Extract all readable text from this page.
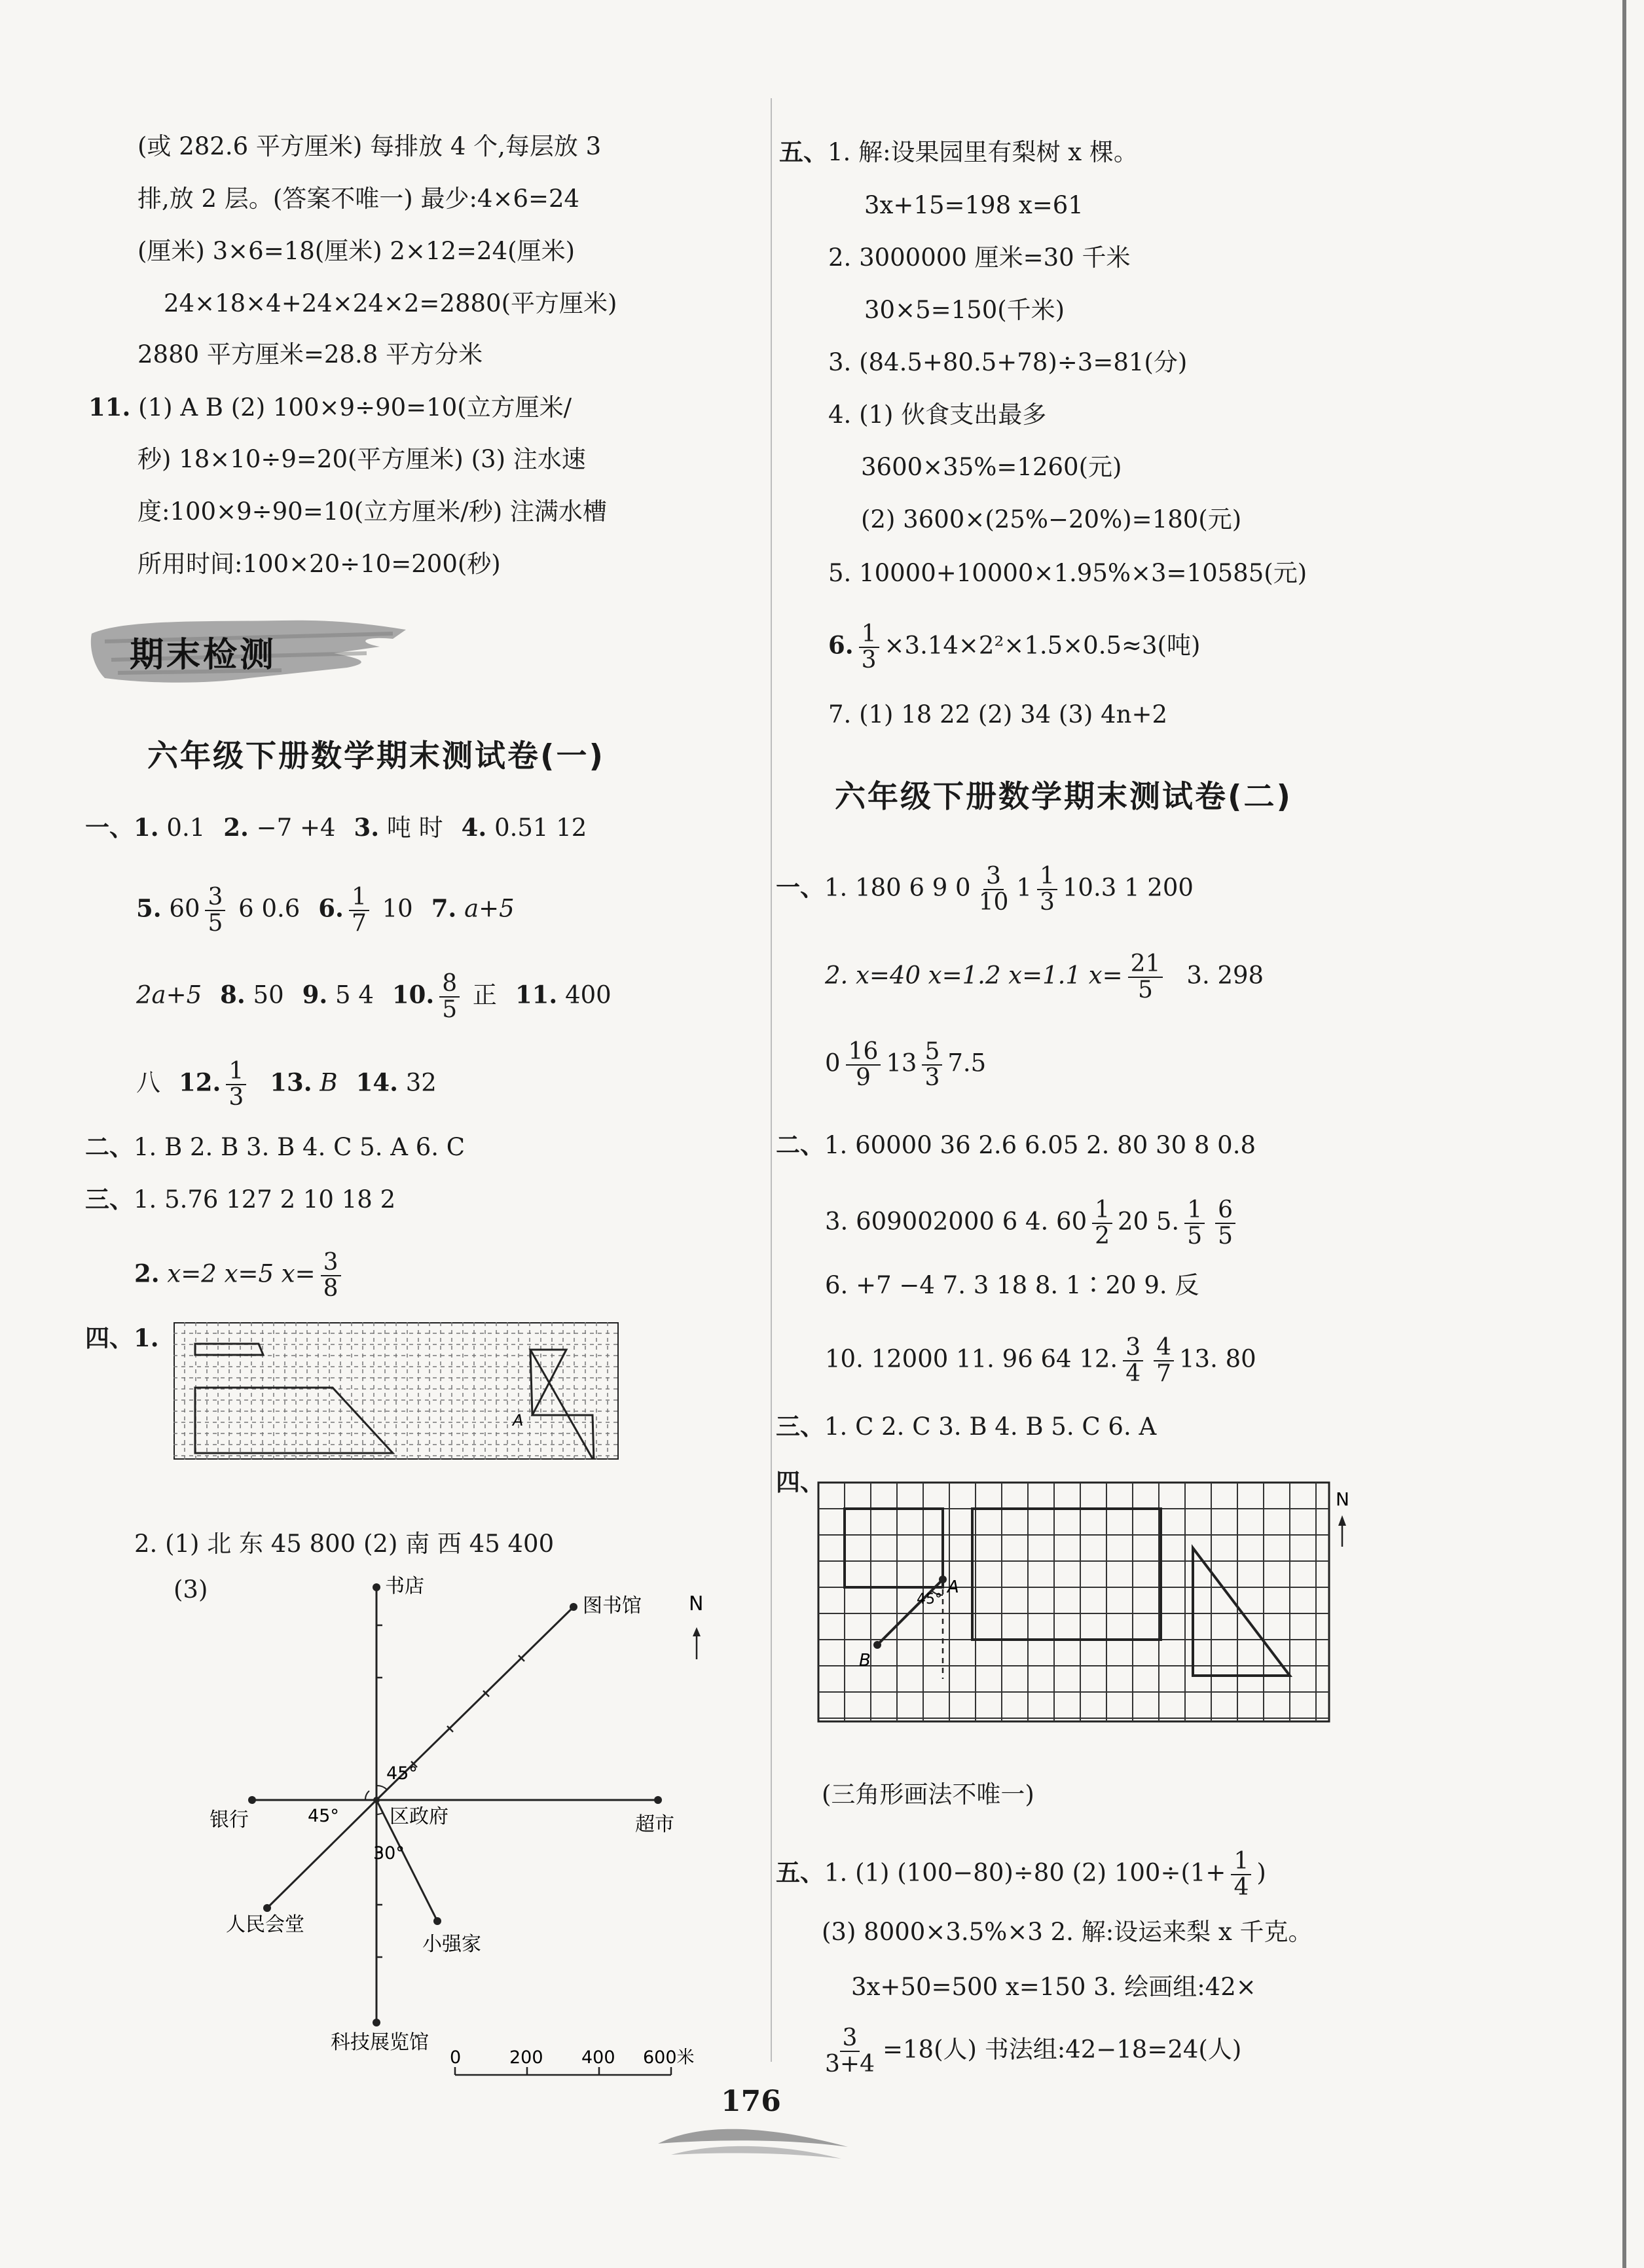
(或 282.6 平方厘米) 每排放 4 个,每层放 3
排,放 2 层。(答案不唯一) 最少:4×6=24
(厘米) 3×6=18(厘米) 2×12=24(厘米)
24×18×4+24×24×2=2880(平方厘米)
2880 平方厘米=28.8 平方分米
11. (1) A B (2) 100×9÷90=10(立方厘米/
秒) 18×10÷9=20(平方厘米) (3) 注水速
度:100×9÷90=10(立方厘米/秒) 注满水槽
所用时间:100×20÷10=200(秒)
期末检测
六年级下册数学期末测试卷(一)
一、1. 0.1 2. −7 +4 3. 吨 时 4. 0.51 12
5. $60 \frac{3}{5} 6$ 0.6 6. $\frac{1}{7} 10$ 7. a+5
2a+5 8. 50 9. 5 4 10. $\frac{8}{5}$ 正 11. 400
八 12. $\frac{1}{3} 13$. B 14. 32
二、1. B 2. B 3. B 4. C 5. A 6. C
三、1. 5.76 127 2 10 18 2
2. x=2 x=5 $x= \frac{3}{8}$
四、1.
A
2. (1) 北 东 45 800 (2) 南 西 45 400
(3)	书店
图书馆 N
银行	区政府	超市
人民会堂
小强家
科技展览馆
45°
45°
30°
0	200 400 600米
五、1. 解:设果园里有梨树 x 棵。
3x+15=198 x=61
2. 3000000 厘米=30 千米
30×5=150(千米)
3. (84.5+80.5+78)÷3=81(分)
4. (1) 伙食支出最多
3600×35%=1260(元)
(2) 3600×(25%−20%)=180(元)
5. 10000+10000×1.95%×3=10585(元)
6. $\frac{1}{3} \times 3.14\times 2^2\times 1.5\times 0.5\approx 3$(吨)
7. (1) 18 22 (2) 34 (3) 4n+2
六年级下册数学期末测试卷(二)
一、1. 180 6 9 $0 \frac{3}{10} 1 \frac{1}{3} 10.3$ 1 200
2. x=40 x=1.2 x=1.1 $x= \frac{21}{5} 3$. 298
$0 \frac{16}{9} 13 \frac{5}{3} 7.5$
二、1. 60000 36 2.6 6.05 2. 80 30 8 0.8
3. 609002000 6 4. $60 \frac{1}{2} 20$ 5. $\frac{1}{5} \frac{6}{5}$
6. +7 −4 7. 3 18 8. 1∶20 9. 反
10. 12000 11. 96 64 12. $\frac{3}{4} \frac{4}{7} 13$. 80
三、1. C 2. C 3. B 4. B 5. C 6. A
四、
A
B
45°
N
(三角形画法不唯一)
五、1. (1) (100−80)÷80 (2) $100\div(1+ \frac{1}{4}$ )
(3) 8000×3.5%×3 2. 解:设运来梨 x 千克。
3x+50=500 x=150 3. 绘画组:42×
$\frac{3}{3+4} =18$(人) 书法组:42−18=24(人)
176
